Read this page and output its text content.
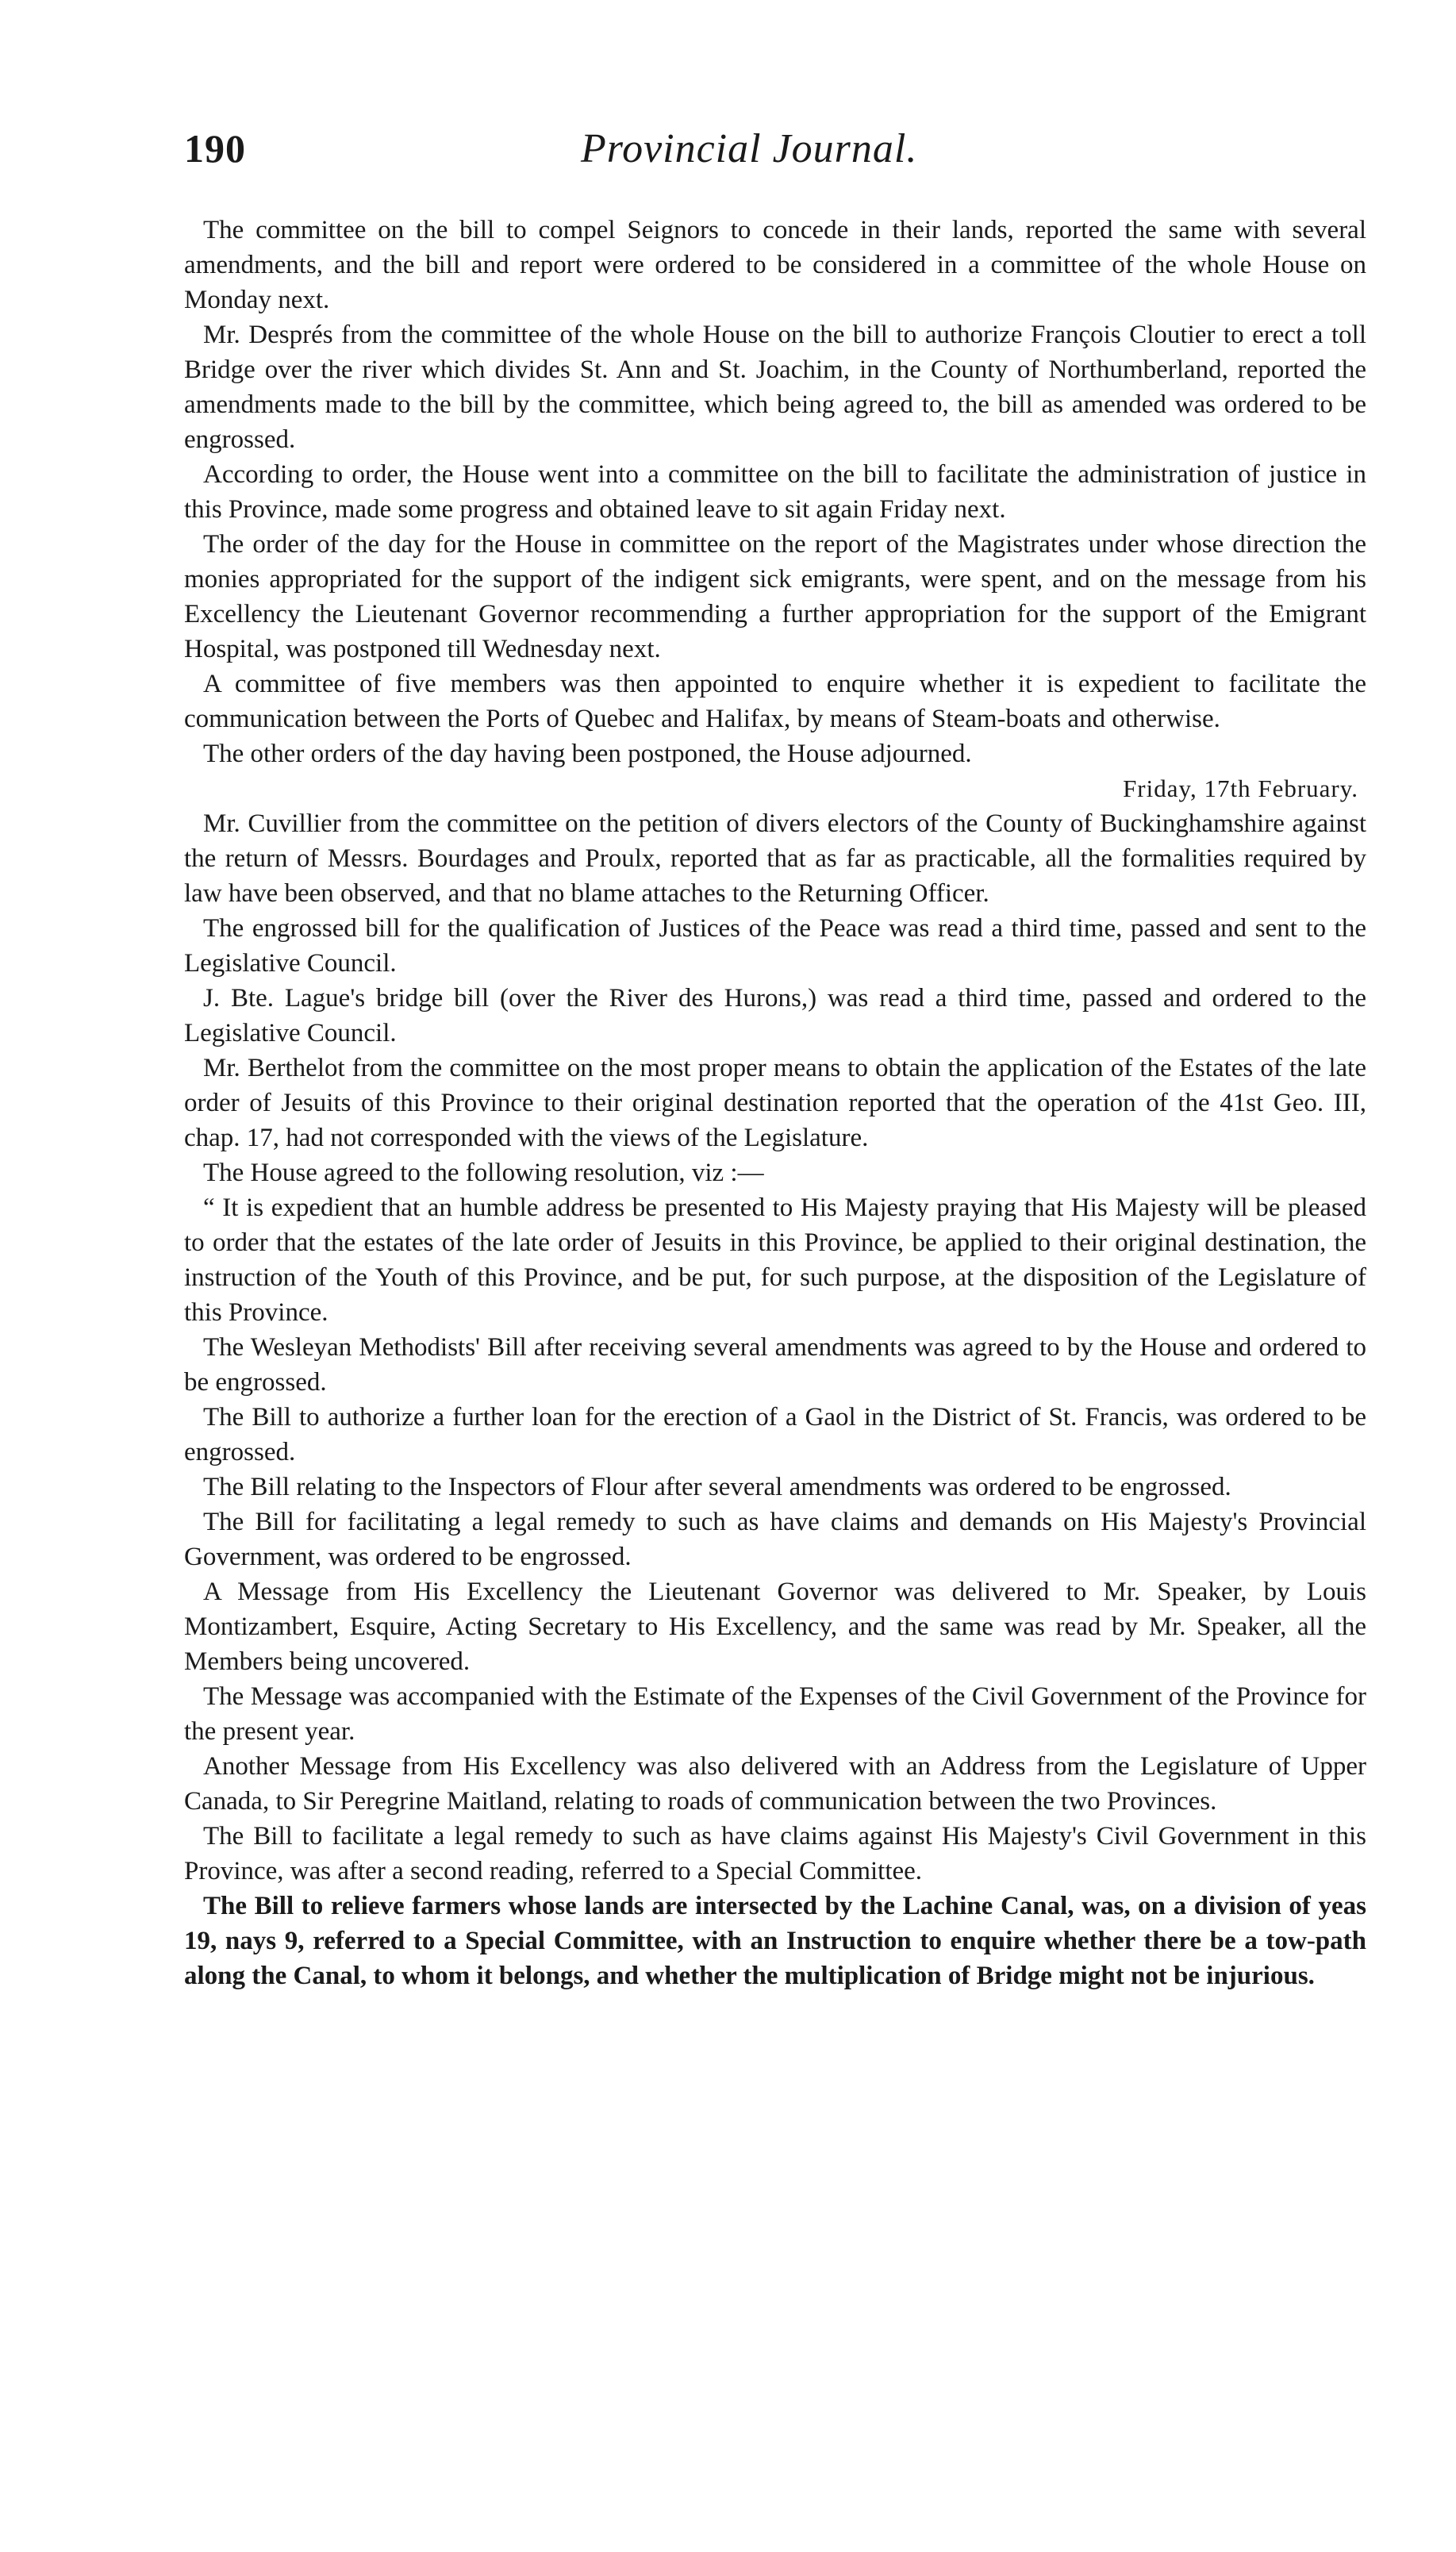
190	Provincial Journal.

The committee on the bill to compel Seignors to concede in their lands, reported the same with several amendments, and the bill and report were ordered to be considered in a committee of the whole House on Monday next.

Mr. Després from the committee of the whole House on the bill to authorize François Cloutier to erect a toll Bridge over the river which divides St. Ann and St. Joachim, in the County of Northumberland, reported the amendments made to the bill by the committee, which being agreed to, the bill as amended was ordered to be engrossed.

According to order, the House went into a committee on the bill to facilitate the administration of justice in this Province, made some progress and obtained leave to sit again Friday next.

The order of the day for the House in committee on the report of the Magistrates under whose direction the monies appropriated for the support of the indigent sick emigrants, were spent, and on the message from his Excellency the Lieutenant Governor recommending a further appropriation for the support of the Emigrant Hospital, was postponed till Wednesday next.

A committee of five members was then appointed to enquire whether it is expedient to facilitate the communication between the Ports of Quebec and Halifax, by means of Steam-boats and otherwise.

The other orders of the day having been postponed, the House adjourned.

Friday, 17th February.

Mr. Cuvillier from the committee on the petition of divers electors of the County of Buckinghamshire against the return of Messrs. Bourdages and Proulx, reported that as far as practicable, all the formalities required by law have been observed, and that no blame attaches to the Returning Officer.

The engrossed bill for the qualification of Justices of the Peace was read a third time, passed and sent to the Legislative Council.

J. Bte. Lague's bridge bill (over the River des Hurons,) was read a third time, passed and ordered to the Legislative Council.

Mr. Berthelot from the committee on the most proper means to obtain the application of the Estates of the late order of Jesuits of this Province to their original destination reported that the operation of the 41st Geo. III, chap. 17, had not corresponded with the views of the Legislature.

The House agreed to the following resolution, viz :—

“ It is expedient that an humble address be presented to His Majesty praying that His Majesty will be pleased to order that the estates of the late order of Jesuits in this Province, be applied to their original destination, the instruction of the Youth of this Province, and be put, for such purpose, at the disposition of the Legislature of this Province.

The Wesleyan Methodists' Bill after receiving several amendments was agreed to by the House and ordered to be engrossed.

The Bill to authorize a further loan for the erection of a Gaol in the District of St. Francis, was ordered to be engrossed.

The Bill relating to the Inspectors of Flour after several amendments was ordered to be engrossed.

The Bill for facilitating a legal remedy to such as have claims and demands on His Majesty's Provincial Government, was ordered to be engrossed.

A Message from His Excellency the Lieutenant Governor was delivered to Mr. Speaker, by Louis Montizambert, Esquire, Acting Secretary to His Excellency, and the same was read by Mr. Speaker, all the Members being uncovered.

The Message was accompanied with the Estimate of the Expenses of the Civil Government of the Province for the present year.

Another Message from His Excellency was also delivered with an Address from the Legislature of Upper Canada, to Sir Peregrine Maitland, relating to roads of communication between the two Provinces.

The Bill to facilitate a legal remedy to such as have claims against His Majesty's Civil Government in this Province, was after a second reading, referred to a Special Committee.

The Bill to relieve farmers whose lands are intersected by the Lachine Canal, was, on a division of yeas 19, nays 9, referred to a Special Committee, with an Instruction to enquire whether there be a tow-path along the Canal, to whom it belongs, and whether the multiplication of Bridge might not be injurious.
